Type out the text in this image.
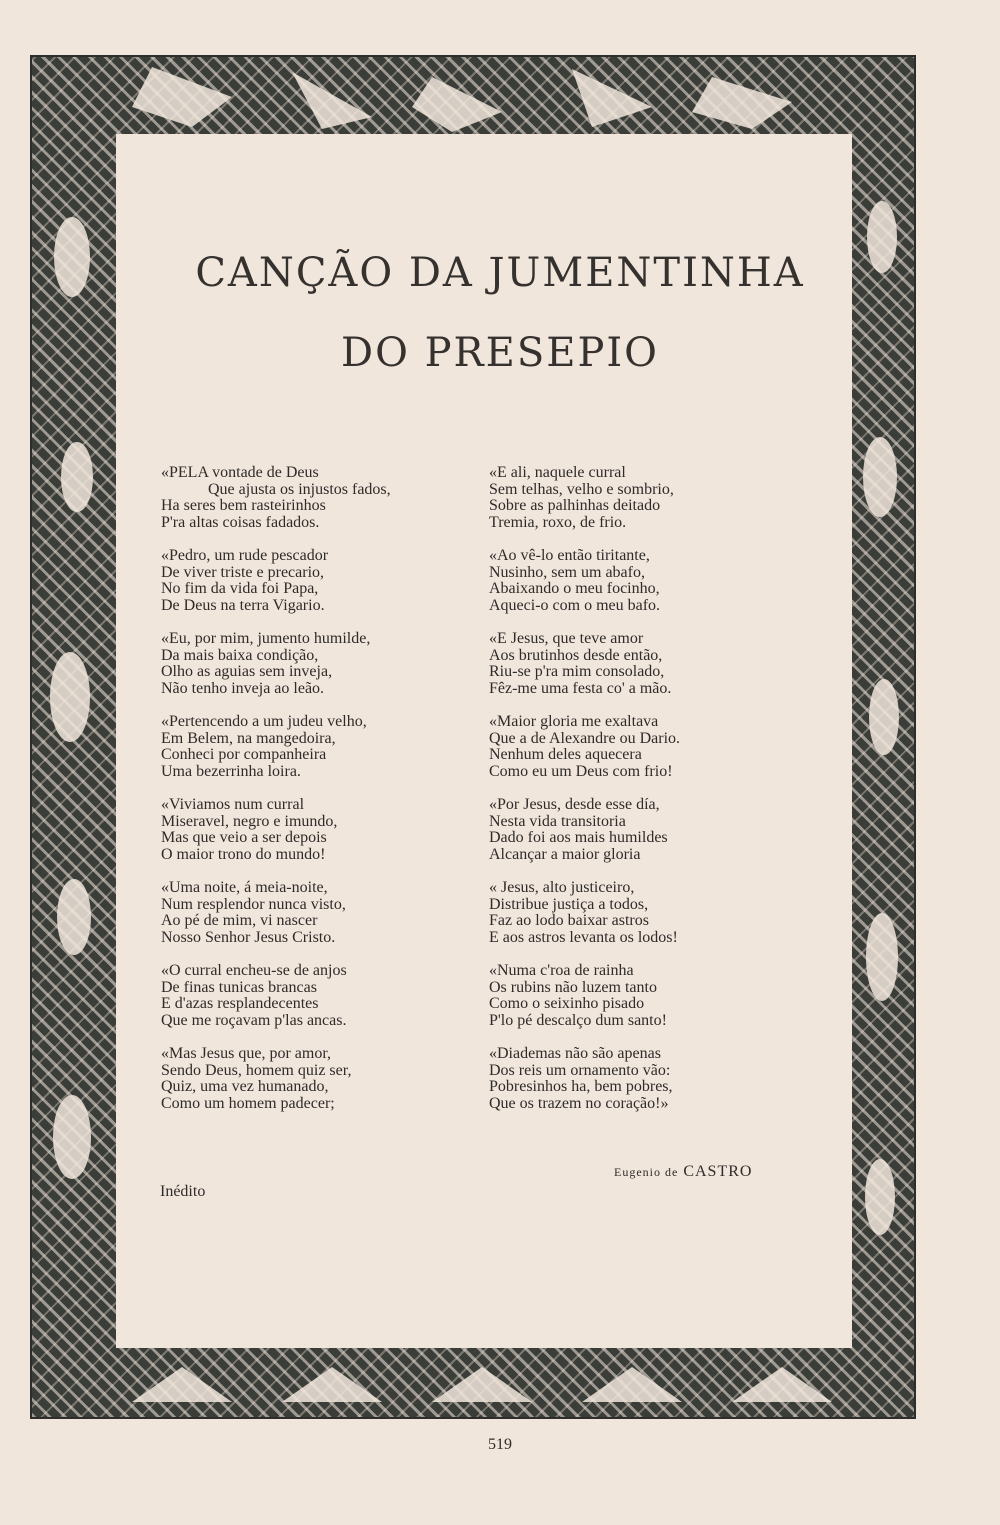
CANÇÃO DA JUMENTINHA
DO PRESEPIO
«PELA vontade de Deus
Que ajusta os injustos fados,
Ha seres bem rasteirinhos
P'ra altas coisas fadados.
«Pedro, um rude pescador
De viver triste e precario,
No fim da vida foi Papa,
De Deus na terra Vigario.
«Eu, por mim, jumento humilde,
Da mais baixa condição,
Olho as aguias sem inveja,
Não tenho inveja ao leão.
«Pertencendo a um judeu velho,
Em Belem, na mangedoira,
Conheci por companheira
Uma bezerrinha loira.
«Viviamos num curral
Miseravel, negro e imundo,
Mas que veio a ser depois
O maior trono do mundo!
«Uma noite, á meia-noite,
Num resplendor nunca visto,
Ao pé de mim, vi nascer
Nosso Senhor Jesus Cristo.
«O curral encheu-se de anjos
De finas tunicas brancas
E d'azas resplandecentes
Que me roçavam p'las ancas.
«Mas Jesus que, por amor,
Sendo Deus, homem quiz ser,
Quiz, uma vez humanado,
Como um homem padecer;
«E ali, naquele curral
Sem telhas, velho e sombrio,
Sobre as palhinhas deitado
Tremia, roxo, de frio.
«Ao vê-lo então tiritante,
Nusinho, sem um abafo,
Abaixando o meu focinho,
Aqueci-o com o meu bafo.
«E Jesus, que teve amor
Aos brutinhos desde então,
Riu-se p'ra mim consolado,
Fêz-me uma festa co' a mão.
«Maior gloria me exaltava
Que a de Alexandre ou Dario.
Nenhum deles aquecera
Como eu um Deus com frio!
«Por Jesus, desde esse día,
Nesta vida transitoria
Dado foi aos mais humildes
Alcançar a maior gloria
« Jesus, alto justiceiro,
Distribue justiça a todos,
Faz ao lodo baixar astros
E aos astros levanta os lodos!
«Numa c'roa de rainha
Os rubins não luzem tanto
Como o seixinho pisado
P'lo pé descalço dum santo!
«Diademas não são apenas
Dos reis um ornamento vão:
Pobresinhos ha, bem pobres,
Que os trazem no coração!»
Eugenio de CASTRO
Inédito
519
